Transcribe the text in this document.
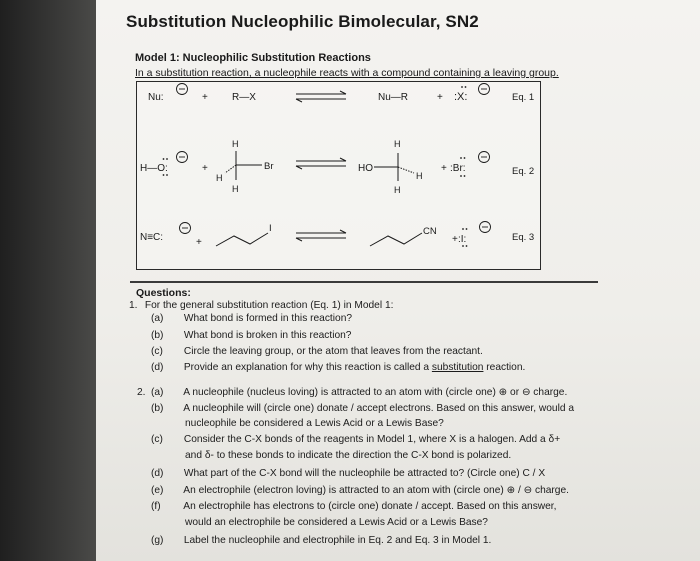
Substitution Nucleophilic Bimolecular, SN2
Model 1: Nucleophilic Substitution Reactions
In a substitution reaction, a nucleophile reacts with a compound containing a leaving group.
Nu:	+ R—X	Nu—R	+ :X:	Eq. 1
H—O:	+
H
H
H
Br	HO
H
H
H
+ :Br:	Eq. 2
N≡C:	+
I	CN
+ :I:	Eq. 3
Questions:
1. For the general substitution reaction (Eq. 1) in Model 1:
(a) What bond is formed in this reaction?
(b) What bond is broken in this reaction?
(c) Circle the leaving group, or the atom that leaves from the reactant.
(d) Provide an explanation for why this reaction is called a substitution reaction.
2. (a) A nucleophile (nucleus loving) is attracted to an atom with (circle one) ⊕ or ⊖ charge.
(b) A nucleophile will (circle one) donate / accept electrons. Based on this answer, would a
nucleophile be considered a Lewis Acid or a Lewis Base?
(c) Consider the C-X bonds of the reagents in Model 1, where X is a halogen. Add a δ+
and δ- to these bonds to indicate the direction the C-X bond is polarized.
(d) What part of the C-X bond will the nucleophile be attracted to? (Circle one) C / X
(e) An electrophile (electron loving) is attracted to an atom with (circle one) ⊕ / ⊖ charge.
(f) An electrophile has electrons to (circle one) donate / accept. Based on this answer,
would an electrophile be considered a Lewis Acid or a Lewis Base?
(g) Label the nucleophile and electrophile in Eq. 2 and Eq. 3 in Model 1.
